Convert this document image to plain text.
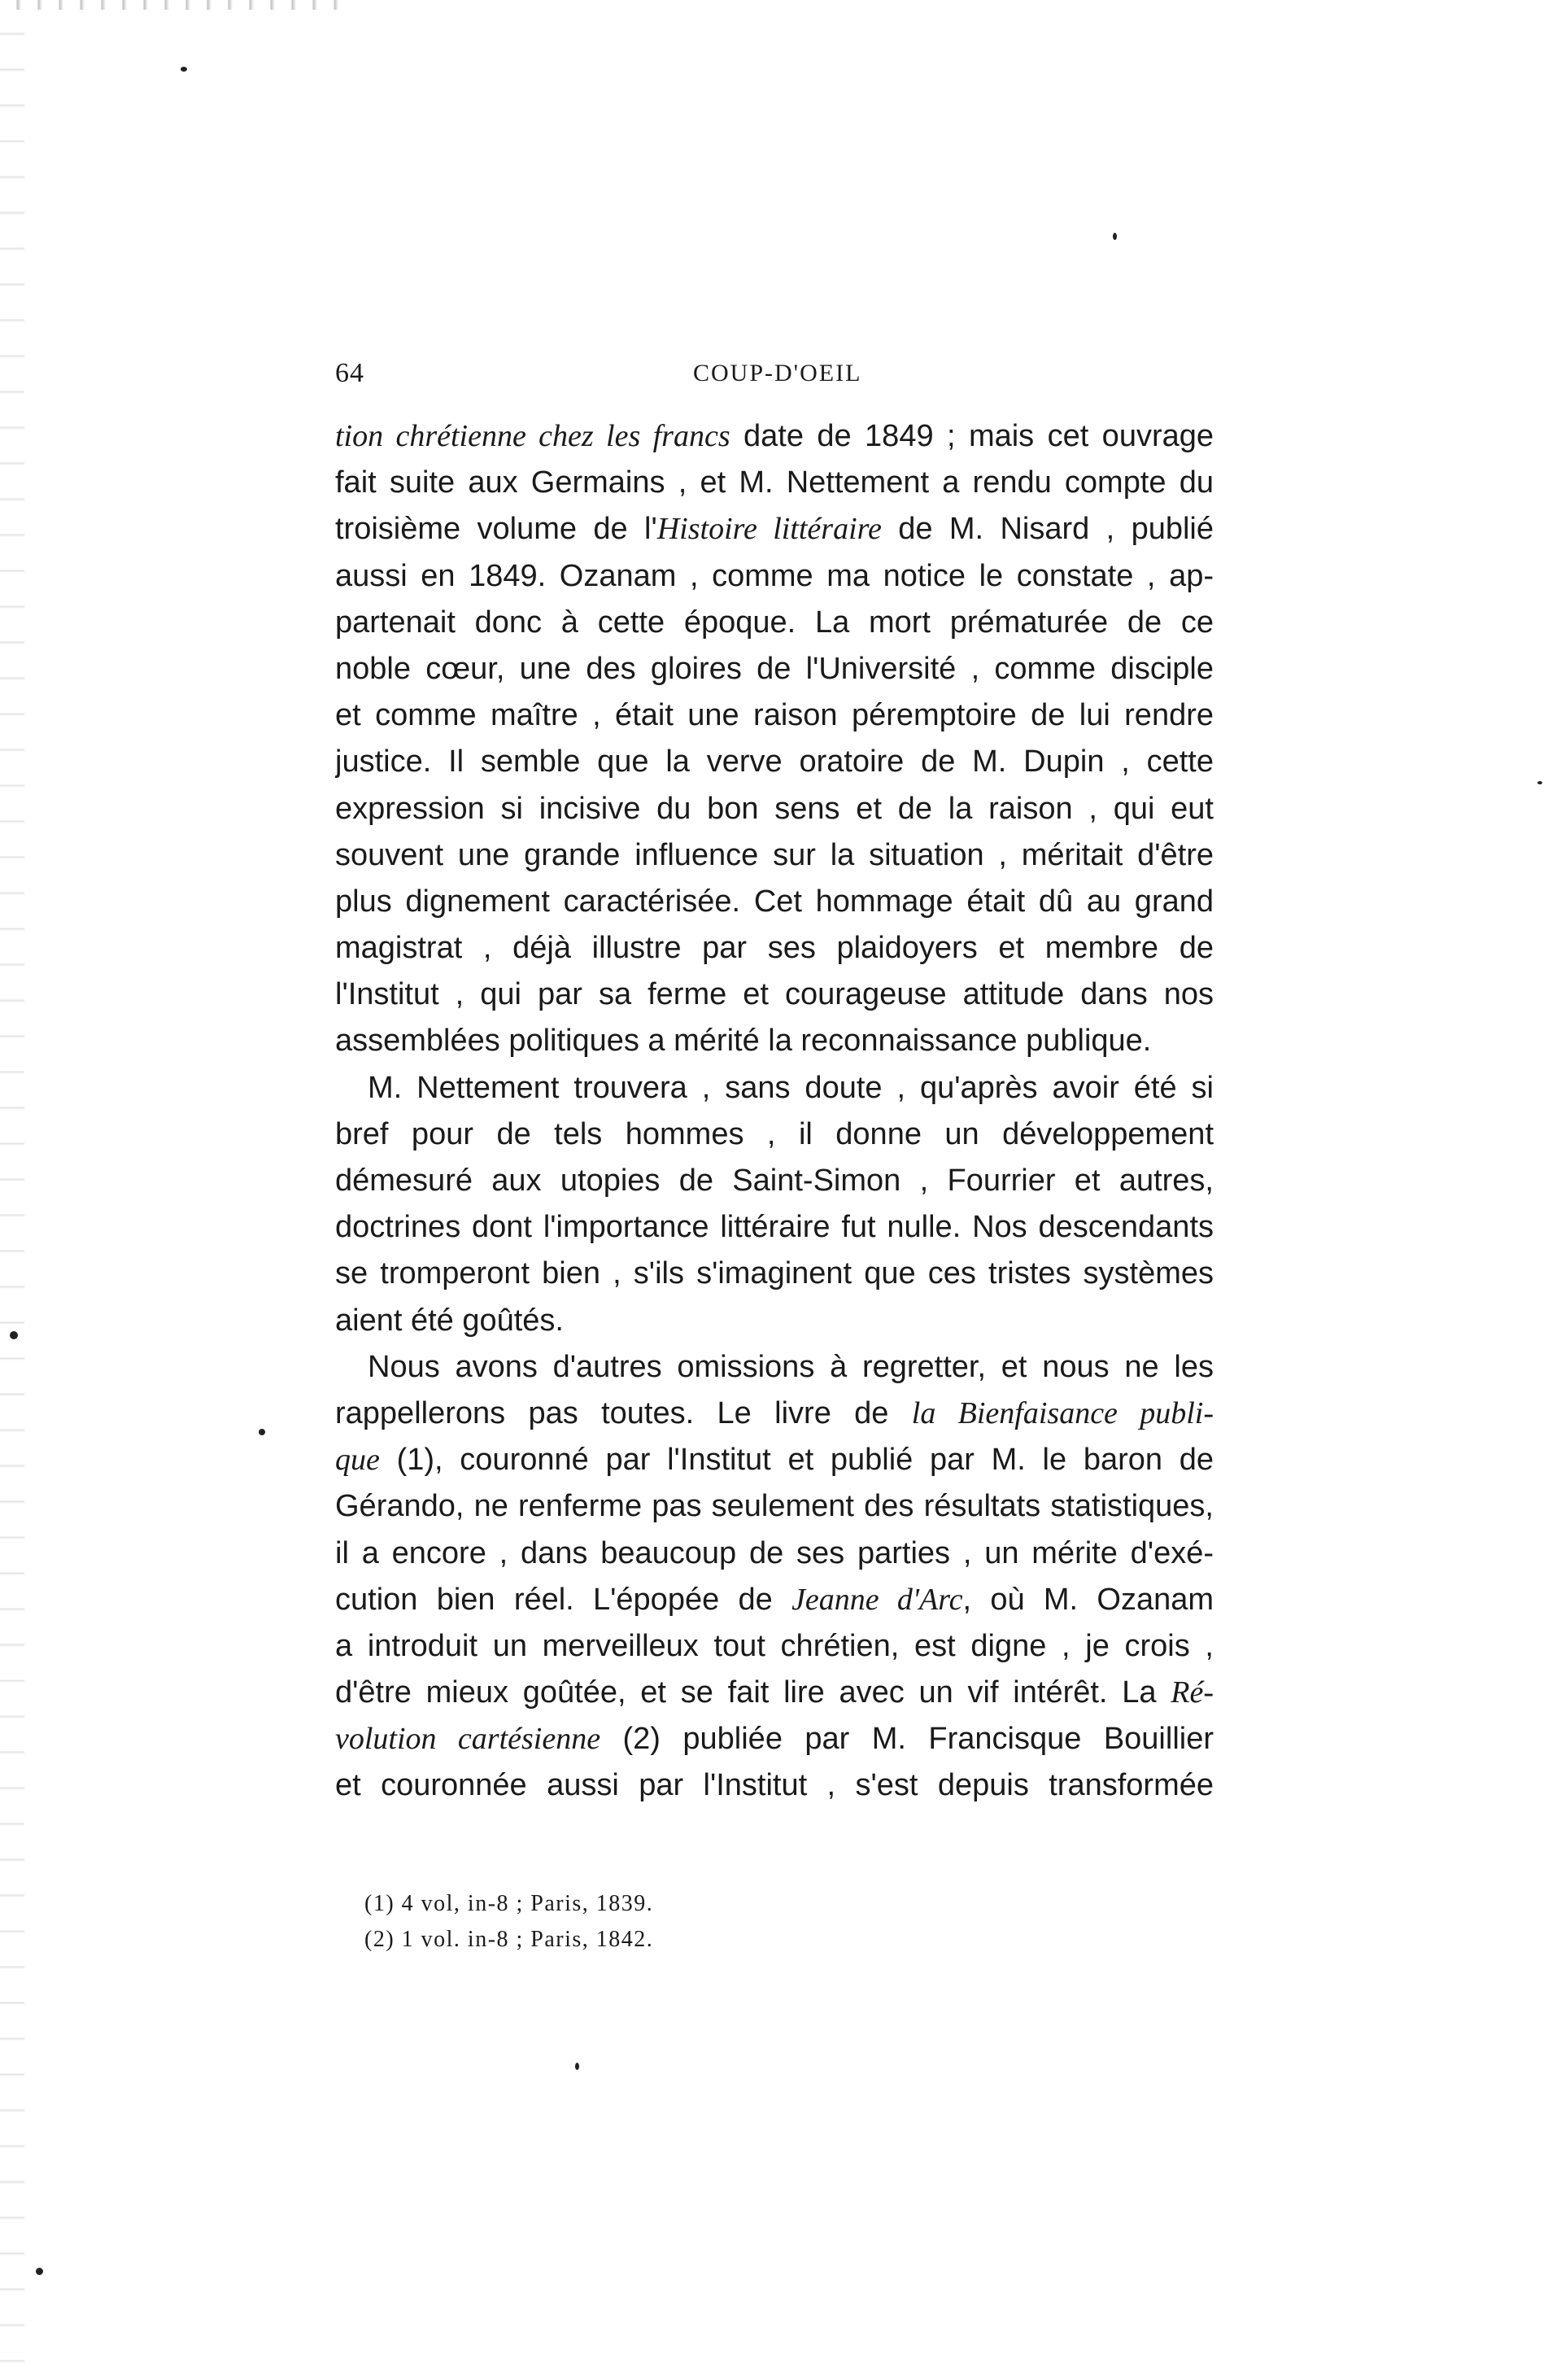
64	COUP-D'OEIL
tion chrétienne chez les francs date de 1849 ; mais cet ouvrage
fait suite aux Germains , et M. Nettement a rendu compte du
troisième volume de l'Histoire littéraire de M. Nisard , publié
aussi en 1849. Ozanam , comme ma notice le constate , ap-
partenait donc à cette époque. La mort prématurée de ce
noble cœur, une des gloires de l'Université , comme disciple
et comme maître , était une raison péremptoire de lui rendre
justice. Il semble que la verve oratoire de M. Dupin , cette
expression si incisive du bon sens et de la raison , qui eut
souvent une grande influence sur la situation , méritait d'être
plus dignement caractérisée. Cet hommage était dû au grand
magistrat , déjà illustre par ses plaidoyers et membre de
l'Institut , qui par sa ferme et courageuse attitude dans nos
assemblées politiques a mérité la reconnaissance publique.
M. Nettement trouvera , sans doute , qu'après avoir été si
bref pour de tels hommes , il donne un développement
démesuré aux utopies de Saint-Simon , Fourrier et autres,
doctrines dont l'importance littéraire fut nulle. Nos descendants
se tromperont bien , s'ils s'imaginent que ces tristes systèmes
aient été goûtés.
Nous avons d'autres omissions à regretter, et nous ne les
rappellerons pas toutes. Le livre de la Bienfaisance publi-
que (1), couronné par l'Institut et publié par M. le baron de
Gérando, ne renferme pas seulement des résultats statistiques,
il a encore , dans beaucoup de ses parties , un mérite d'exé-
cution bien réel. L'épopée de Jeanne d'Arc, où M. Ozanam
a introduit un merveilleux tout chrétien, est digne , je crois ,
d'être mieux goûtée, et se fait lire avec un vif intérêt. La Ré-
volution cartésienne (2) publiée par M. Francisque Bouillier
et couronnée aussi par l'Institut , s'est depuis transformée
(1) 4 vol, in-8 ; Paris, 1839.
(2) 1 vol. in-8 ; Paris, 1842.
